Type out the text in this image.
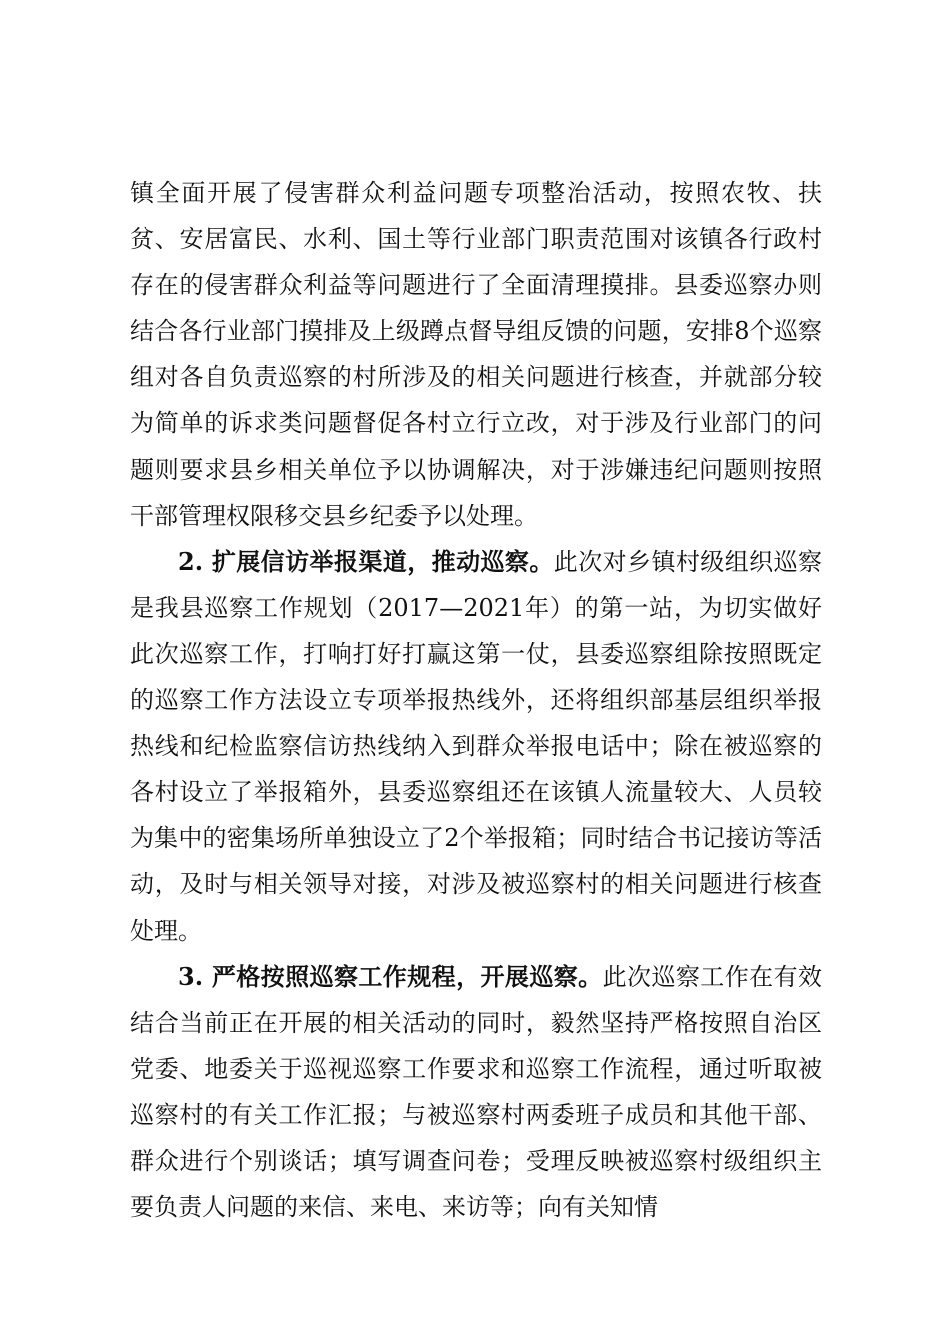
镇全面开展了侵害群众利益问题专项整治活动，按照农牧、扶贫、安居富民、水利、国土等行业部门职责范围对该镇各行政村存在的侵害群众利益等问题进行了全面清理摸排。县委巡察办则结合各行业部门摸排及上级蹲点督导组反馈的问题，安排8个巡察组对各自负责巡察的村所涉及的相关问题进行核查，并就部分较为简单的诉求类问题督促各村立行立改，对于涉及行业部门的问题则要求县乡相关单位予以协调解决，对于涉嫌违纪问题则按照干部管理权限移交县乡纪委予以处理。

2. 扩展信访举报渠道，推动巡察。此次对乡镇村级组织巡察是我县巡察工作规划（2017—2021年）的第一站，为切实做好此次巡察工作，打响打好打赢这第一仗，县委巡察组除按照既定的巡察工作方法设立专项举报热线外，还将组织部基层组织举报热线和纪检监察信访热线纳入到群众举报电话中；除在被巡察的各村设立了举报箱外，县委巡察组还在该镇人流量较大、人员较为集中的密集场所单独设立了2个举报箱；同时结合书记接访等活动，及时与相关领导对接，对涉及被巡察村的相关问题进行核查处理。

3. 严格按照巡察工作规程，开展巡察。此次巡察工作在有效结合当前正在开展的相关活动的同时，毅然坚持严格按照自治区党委、地委关于巡视巡察工作要求和巡察工作流程，通过听取被巡察村的有关工作汇报；与被巡察村两委班子成员和其他干部、群众进行个别谈话；填写调查问卷；受理反映被巡察村级组织主要负责人问题的来信、来电、来访等；向有关知情
